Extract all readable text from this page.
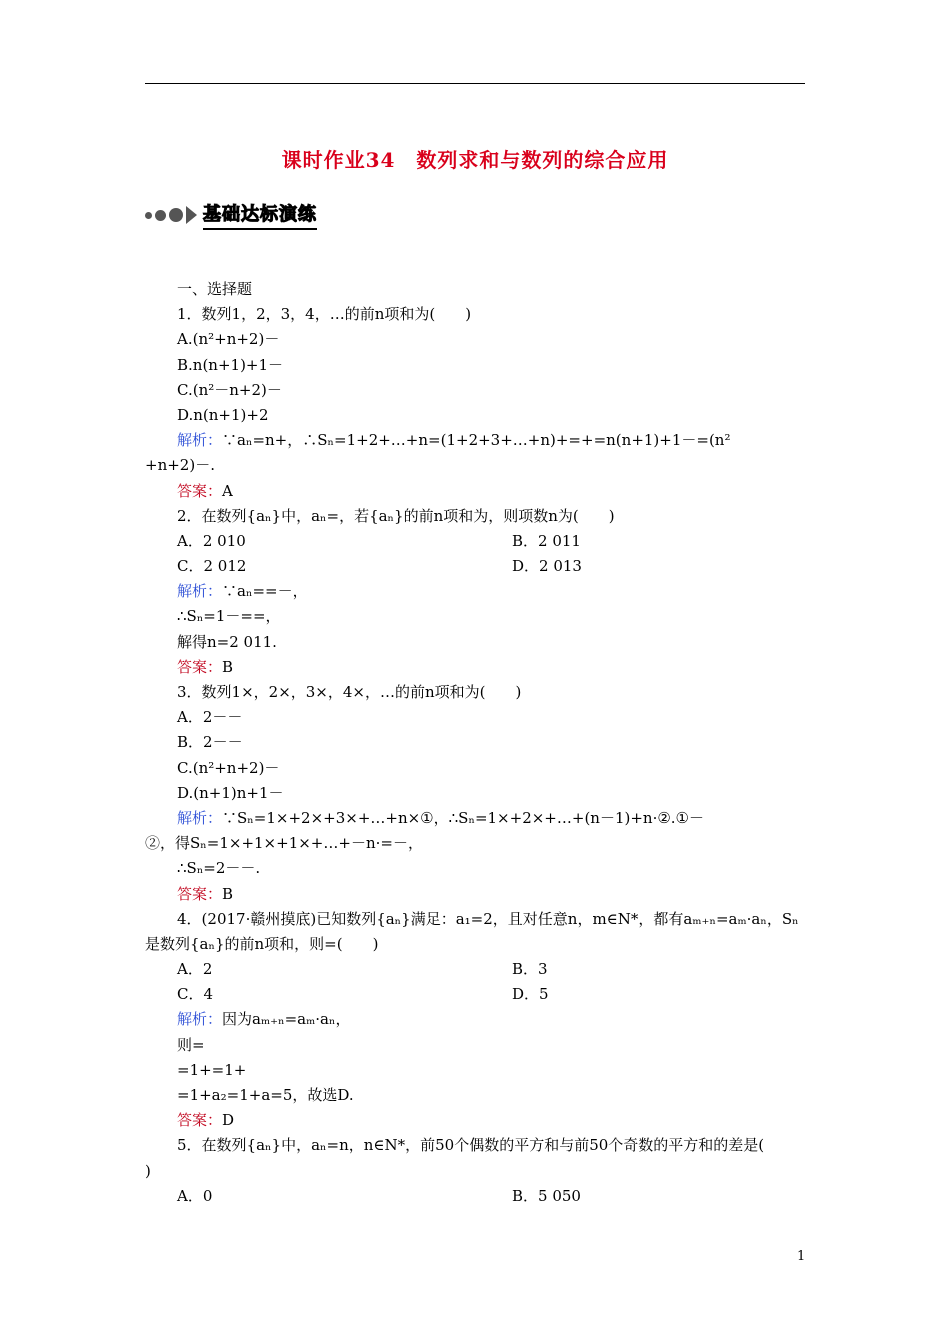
课时作业34　数列求和与数列的综合应用
基础达标演练
一、选择题
1．数列1，2，3，4，…的前n项和为(　　)
A.(n²+n+2)－
B.n(n+1)+1－
C.(n²－n+2)－
D.n(n+1)+2
解析：∵aₙ=n+，∴Sₙ=1+2+…+n=(1+2+3+…+n)+=+=n(n+1)+1－=(n²
+n+2)－.
答案：A
2．在数列{aₙ}中，aₙ=，若{aₙ}的前n项和为，则项数n为(　　)
A．2 010	B．2 011
C．2 012	D．2 013
解析：∵aₙ==－，
∴Sₙ=1－==，
解得n=2 011.
答案：B
3．数列1×，2×，3×，4×，…的前n项和为(　　)
A．2－－
B．2－－
C.(n²+n+2)－
D.(n+1)n+1－
解析：∵Sₙ=1×+2×+3×+…+n×①，∴Sₙ=1×+2×+…+(n－1)+n·②.①－
②，得Sₙ=1×+1×+1×+…+－n·=－，
∴Sₙ=2－－.
答案：B
4．(2017·赣州摸底)已知数列{aₙ}满足：a₁=2，且对任意n，m∈N*，都有aₘ₊ₙ=aₘ·aₙ，Sₙ
是数列{aₙ}的前n项和，则=(　　)
A．2	B．3
C．4	D．5
解析：因为aₘ₊ₙ=aₘ·aₙ，
则=
=1+=1+
=1+a₂=1+a=5，故选D.
答案：D
5．在数列{aₙ}中，aₙ=n，n∈N*，前50个偶数的平方和与前50个奇数的平方和的差是(
)
A．0	B．5 050
1
